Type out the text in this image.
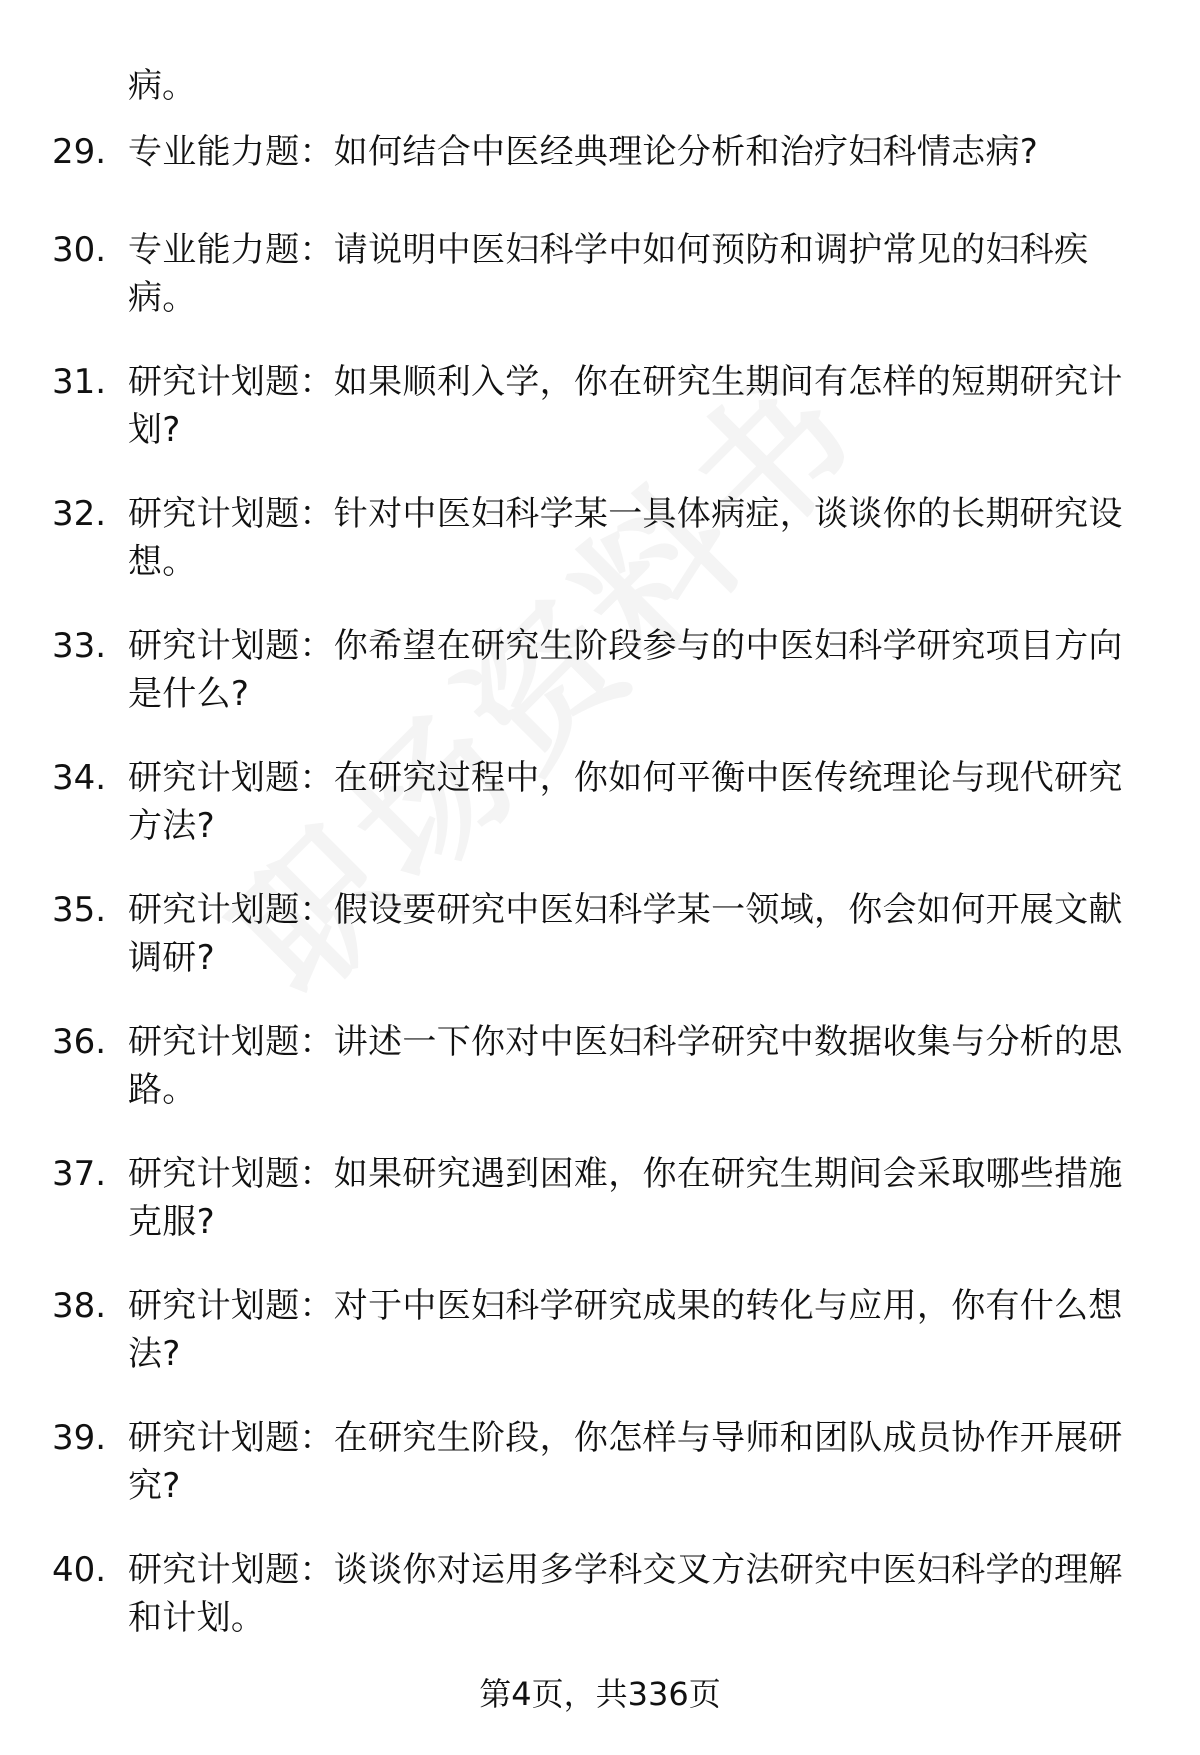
病。
29. 专业能力题：如何结合中医经典理论分析和治疗妇科情志病?
30. 专业能力题：请说明中医妇科学中如何预防和调护常见的妇科疾病。
31. 研究计划题：如果顺利入学，你在研究生期间有怎样的短期研究计划?
32. 研究计划题：针对中医妇科学某一具体病症，谈谈你的长期研究设想。
33. 研究计划题：你希望在研究生阶段参与的中医妇科学研究项目方向是什么?
34. 研究计划题：在研究过程中，你如何平衡中医传统理论与现代研究方法?
35. 研究计划题：假设要研究中医妇科学某一领域，你会如何开展文献调研?
36. 研究计划题：讲述一下你对中医妇科学研究中数据收集与分析的思路。
37. 研究计划题：如果研究遇到困难，你在研究生期间会采取哪些措施克服?
38. 研究计划题：对于中医妇科学研究成果的转化与应用，你有什么想法?
39. 研究计划题：在研究生阶段，你怎样与导师和团队成员协作开展研究?
40. 研究计划题：谈谈你对运用多学科交叉方法研究中医妇科学的理解和计划。
第4页，共336页
